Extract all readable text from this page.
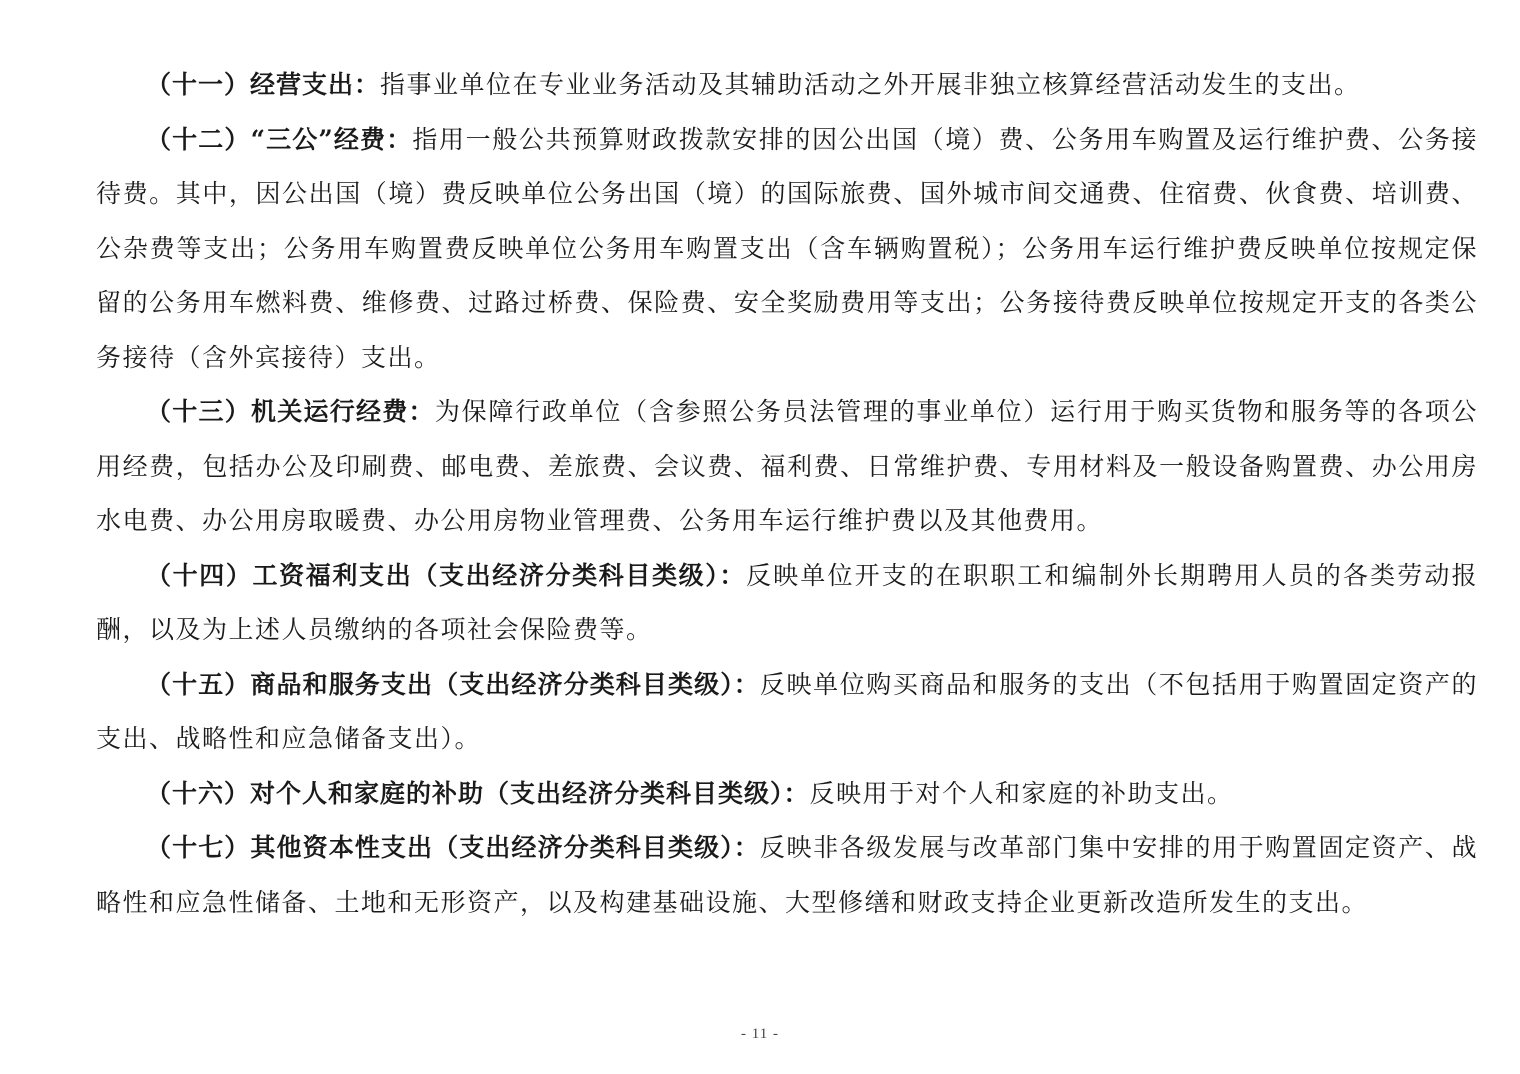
（十一）经营支出：指事业单位在专业业务活动及其辅助活动之外开展非独立核算经营活动发生的支出。

（十二）“三公”经费：指用一般公共预算财政拨款安排的因公出国（境）费、公务用车购置及运行维护费、公务接待费。其中，因公出国（境）费反映单位公务出国（境）的国际旅费、国外城市间交通费、住宿费、伙食费、培训费、公杂费等支出；公务用车购置费反映单位公务用车购置支出（含车辆购置税）；公务用车运行维护费反映单位按规定保留的公务用车燃料费、维修费、过路过桥费、保险费、安全奖励费用等支出；公务接待费反映单位按规定开支的各类公务接待（含外宾接待）支出。

（十三）机关运行经费：为保障行政单位（含参照公务员法管理的事业单位）运行用于购买货物和服务等的各项公用经费，包括办公及印刷费、邮电费、差旅费、会议费、福利费、日常维护费、专用材料及一般设备购置费、办公用房水电费、办公用房取暖费、办公用房物业管理费、公务用车运行维护费以及其他费用。

（十四）工资福利支出（支出经济分类科目类级）：反映单位开支的在职职工和编制外长期聘用人员的各类劳动报酬，以及为上述人员缴纳的各项社会保险费等。

（十五）商品和服务支出（支出经济分类科目类级）：反映单位购买商品和服务的支出（不包括用于购置固定资产的支出、战略性和应急储备支出）。

（十六）对个人和家庭的补助（支出经济分类科目类级）：反映用于对个人和家庭的补助支出。

（十七）其他资本性支出（支出经济分类科目类级）：反映非各级发展与改革部门集中安排的用于购置固定资产、战略性和应急性储备、土地和无形资产，以及构建基础设施、大型修缮和财政支持企业更新改造所发生的支出。

- 11 -
